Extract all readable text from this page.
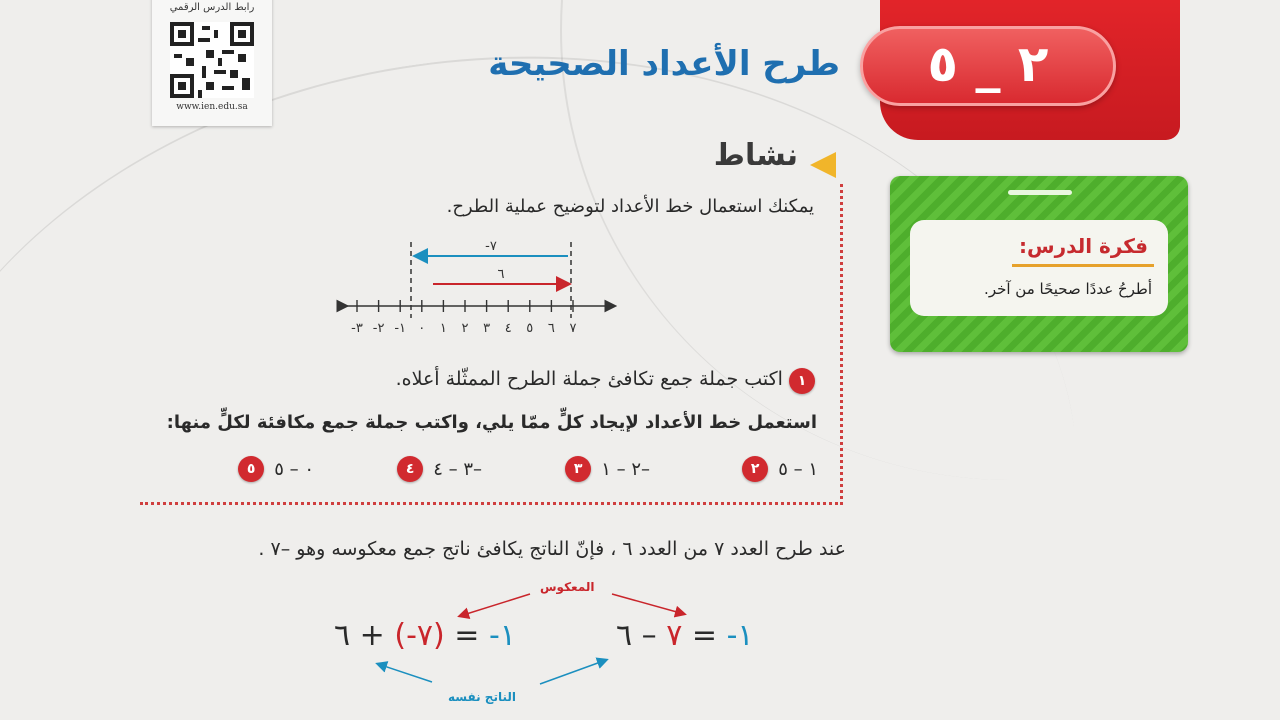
رابط الدرس الرقمي
www.ien.edu.sa
٢ _ ٥
طرح الأعداد الصحيحة
فكرة الدرس:
أطرحُ عددًا صحيحًا من آخر.
نشاط
يمكنك استعمال خط الأعداد لتوضيح عملية الطرح.
-٣ -٢ -١ ٠ ١ ٢ ٣ ٤ ٥ ٦ ٧
-٧
٦
١ اكتب جملة جمع تكافئ جملة الطرح الممثّلة أعلاه.
استعمل خط الأعداد لإيجاد كلٍّ ممّا يلي، واكتب جملة جمع مكافئة لكلٍّ منها:
٢	١ – ٥
٣	–٢ – ١
٤	–٣ – ٤
٥	٠ – ٥
عند طرح العدد ٧ من العدد ٦ ، فإنّ الناتج يكافئ ناتج جمع معكوسه وهو –٧ .
المعكوس
الناتج نفسه
١- = (٧-) + ٦	١- = ٧ – ٦
